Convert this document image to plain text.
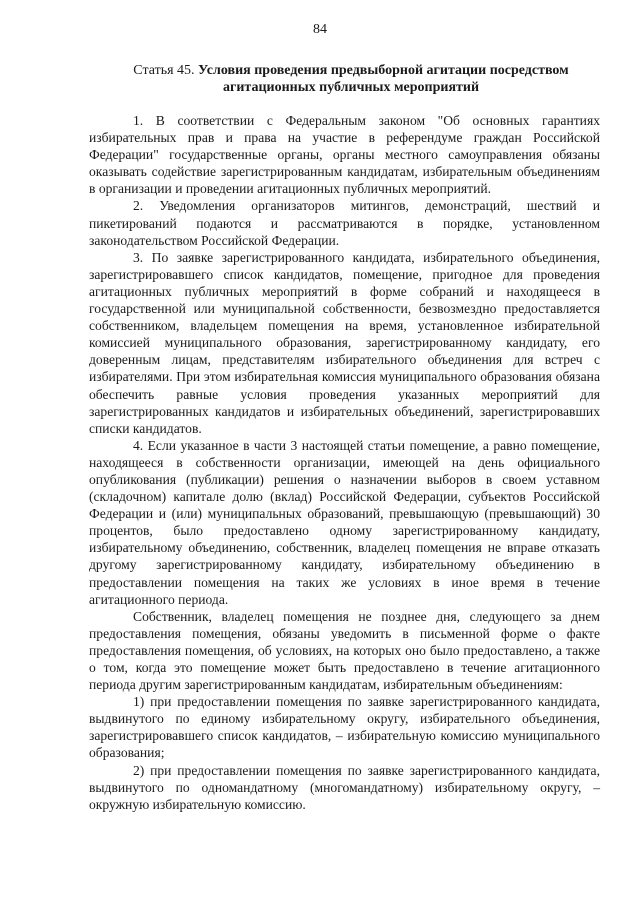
84
Статья 45. Условия проведения предвыборной агитации посредством агитационных публичных мероприятий

1. В соответствии с Федеральным законом "Об основных гарантиях избирательных прав и права на участие в референдуме граждан Российской Федерации" государственные органы, органы местного самоуправления обязаны оказывать содействие зарегистрированным кандидатам, избирательным объединениям в организации и проведении агитационных публичных мероприятий.

2. Уведомления организаторов митингов, демонстраций, шествий и пикетирований подаются и рассматриваются в порядке, установленном законодательством Российской Федерации.

3. По заявке зарегистрированного кандидата, избирательного объединения, зарегистрировавшего список кандидатов, помещение, пригодное для проведения агитационных публичных мероприятий в форме собраний и находящееся в государственной или муниципальной собственности, безвозмездно предоставляется собственником, владельцем помещения на время, установленное избирательной комиссией муниципального образования, зарегистрированному кандидату, его доверенным лицам, представителям избирательного объединения для встреч с избирателями. При этом избирательная комиссия муниципального образования обязана обеспечить равные условия проведения указанных мероприятий для зарегистрированных кандидатов и избирательных объединений, зарегистрировавших списки кандидатов.

4. Если указанное в части 3 настоящей статьи помещение, а равно помещение, находящееся в собственности организации, имеющей на день официального опубликования (публикации) решения о назначении выборов в своем уставном (складочном) капитале долю (вклад) Российской Федерации, субъектов Российской Федерации и (или) муниципальных образований, превышающую (превышающий) 30 процентов, было предоставлено одному зарегистрированному кандидату, избирательному объединению, собственник, владелец помещения не вправе отказать другому зарегистрированному кандидату, избирательному объединению в предоставлении помещения на таких же условиях в иное время в течение агитационного периода.

Собственник, владелец помещения не позднее дня, следующего за днем предоставления помещения, обязаны уведомить в письменной форме о факте предоставления помещения, об условиях, на которых оно было предоставлено, а также о том, когда это помещение может быть предоставлено в течение агитационного периода другим зарегистрированным кандидатам, избирательным объединениям:

1) при предоставлении помещения по заявке зарегистрированного кандидата, выдвинутого по единому избирательному округу, избирательного объединения, зарегистрировавшего список кандидатов, – избирательную комиссию муниципального образования;

2) при предоставлении помещения по заявке зарегистрированного кандидата, выдвинутого по одномандатному (многомандатному) избирательному округу, – окружную избирательную комиссию.
